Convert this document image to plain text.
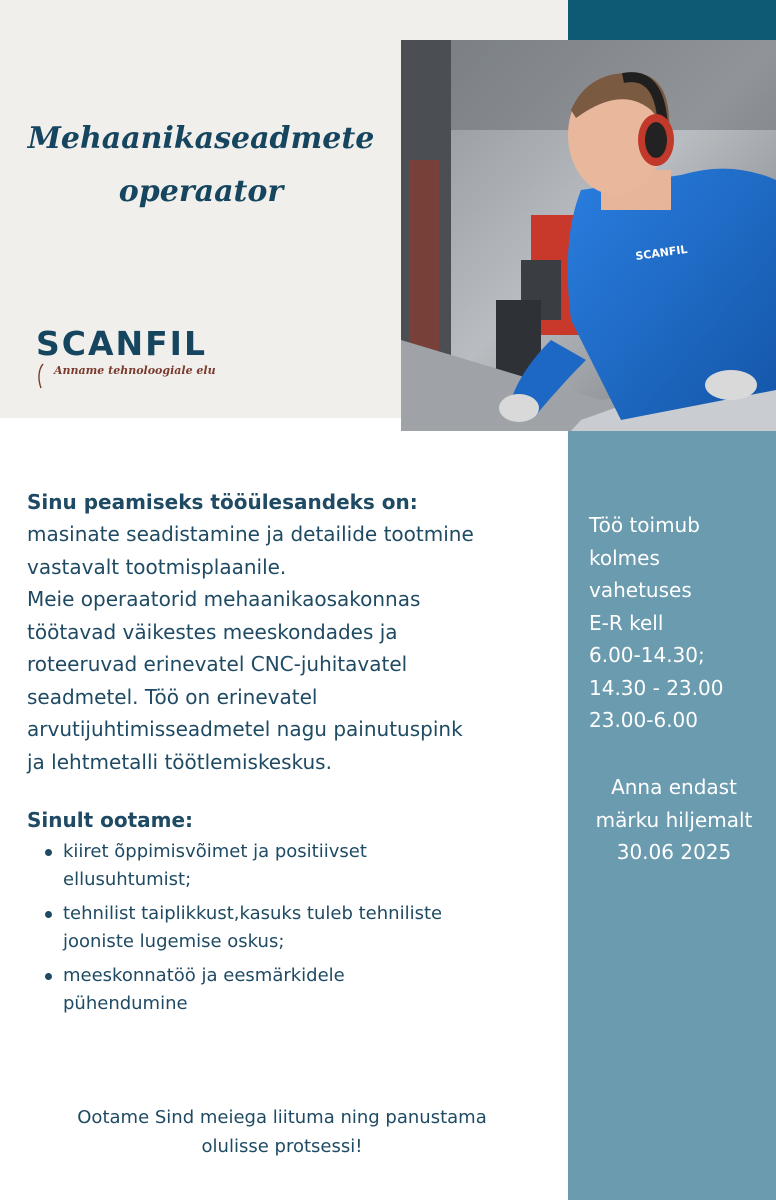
Mehaanikaseadmete
operaator
SCANFIL
Anname tehnoloogiale elu
SCANFIL
Sinu peamiseks tööülesandeks on:
masinate seadistamine ja detailide tootmine
vastavalt tootmisplaanile.
Meie operaatorid mehaanikaosakonnas
töötavad väikestes meeskondades ja
roteeruvad erinevatel CNC-juhitavatel
seadmetel. Töö on erinevatel
arvutijuhtimisseadmetel nagu painutuspink
ja lehtmetalli töötlemiskeskus.
Sinult ootame:
kiiret õppimisvõimet ja positiivset
ellusuhtumist;
tehnilist taiplikkust,kasuks tuleb tehniliste
jooniste lugemise oskus;
meeskonnatöö ja eesmärkidele
pühendumine
Ootame Sind meiega liituma ning panustama
olulisse protsessi!
Töö toimub
kolmes
vahetuses
E-R kell
6.00-14.30;
14.30 - 23.00
23.00-6.00
Anna endast
märku hiljemalt
30.06 2025
